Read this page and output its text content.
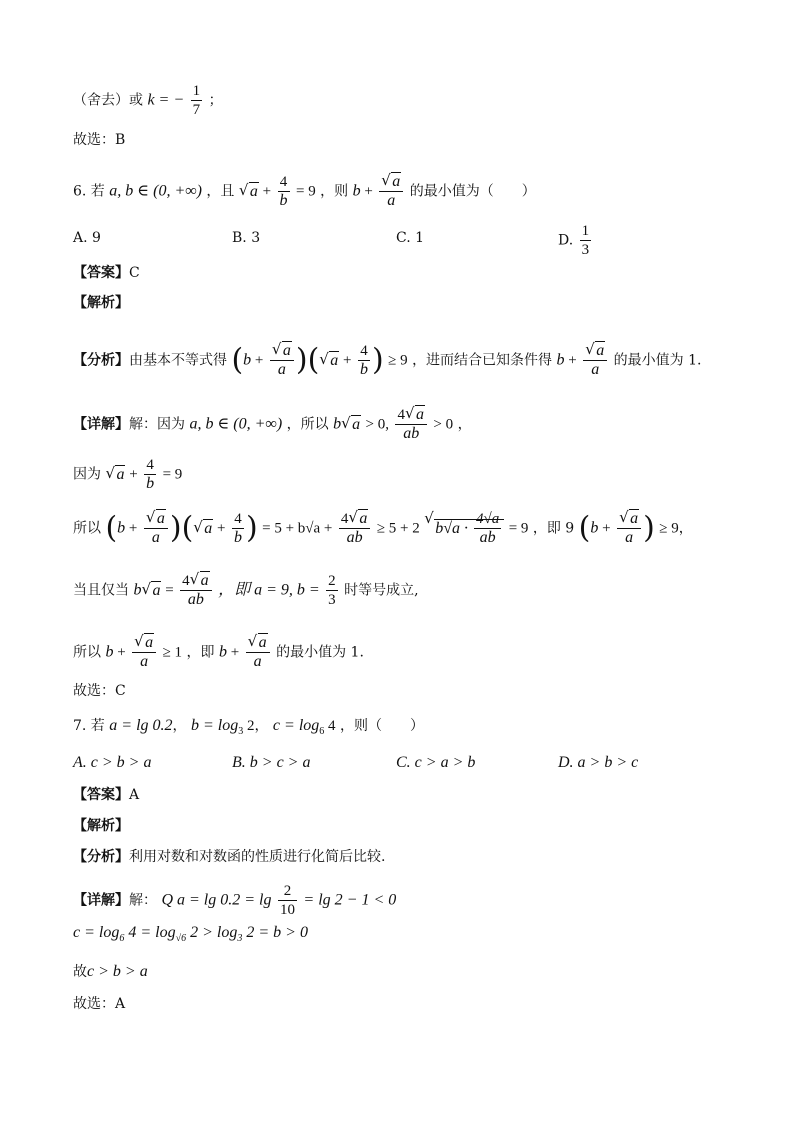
（舍去）或 k = − $\frac{1}{7}$ ；
故选：B
6. 若 a, b ∈ (0, +∞) ，且 √ $a + \frac{4}{b} = 9$ ，则 b + √ $\frac{a}{a}$ 的最小值为（　　）
A. 9	B. 3	C. 1	D. $\frac{1}{3}$
【答案】C
【解析】
【分析】由基本不等式得 (b + √ $\frac{a}{a}$ )( √ $a + \frac{4}{b}$ ) ≥ 9 ，进而结合已知条件得 b + √ $\frac{a}{a}$ 的最小值为 1.
【详解】解：因为 a, b ∈ (0, +∞) ，所以 b √ a > 0, $\frac{4 √ a}{ab} > 0$ ，
因为 √ $a + \frac{4}{b} = 9$
所以 (b + √ $\frac{a}{a}$ )( √ $a + \frac{4}{b}$ ) = $5 + b√a + \frac{4 √ a}{ab} \ge 5 + 2$ √ $b√a \cdot \frac{4√a}{ab} = 9$ ，即 9 (b + √ $\frac{a}{a}$ ) ≥ 9，
当且仅当 b √ $a = \frac{4 √ a}{ab}$ ，即 a = 9, $b = \frac{2}{3}$ 时等号成立,
所以 b + √ $\frac{a}{a} \ge 1$ ，即 b + √ $\frac{a}{a}$ 的最小值为 1.
故选：C
7. 若 a = lg 0.2， $b = \log_3 2$， $c = \log_6 4$ ，则（　　）
A. c > b > a	B. b > c > a	C. c > a > b	D. a > b > c
【答案】A
【解析】
【分析】利用对数和对数函的性质进行化简后比较.
【详解】解： Q $a = \lg 0.2 = \lg \frac{2}{10} = \lg 2 - 1 < 0$
$c = \log_6 4 = \log_{√6} 2 > \log_3 2 = b > 0$
故c > b > a
故选：A
